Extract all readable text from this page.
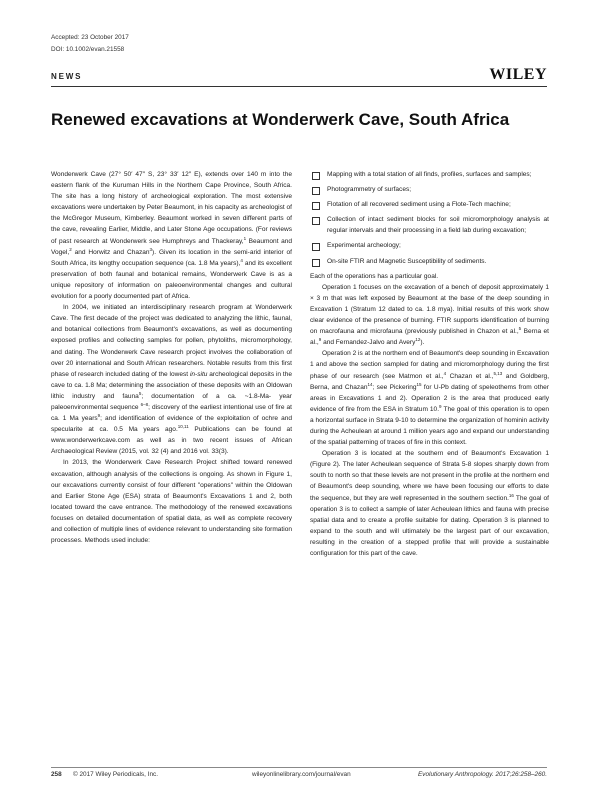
Accepted: 23 October 2017
DOI: 10.1002/evan.21558
NEWS	WILEY
Renewed excavations at Wonderwerk Cave, South Africa

Wonderwerk Cave (27° 50′ 47″ S, 23° 33′ 12″ E), extends over 140 m into the eastern flank of the Kuruman Hills in the Northern Cape Province, South Africa. The site has a long history of archeological exploration. The most extensive excavations were undertaken by Peter Beaumont, in his capacity as archeologist of the McGregor Museum, Kimberley. Beaumont worked in seven different parts of the cave, revealing Earlier, Middle, and Later Stone Age occupations. (For reviews of past research at Wonderwerk see Humphreys and Thackeray,$^1$ Beaumont and Vogel,$^2$ and Horwitz and Chazan$^3$). Given its location in the semi-arid interior of South Africa, its lengthy occupation sequence (ca. 1.8 Ma years),$^4$ and its excellent preservation of both faunal and botanical remains, Wonderwerk Cave is as a unique repository of information on paleoenvironmental changes and cultural evolution for a poorly documented part of Africa.

In 2004, we initiated an interdisciplinary research program at Wonderwerk Cave. The first decade of the project was dedicated to analyzing the lithic, faunal, and botanical collections from Beaumont's excavations, as well as documenting exposed profiles and collecting samples for pollen, phytoliths, micromorphology, and dating. The Wonderwerk Cave research project involves the collaboration of over 20 international and South African researchers. Notable results from this first phase of research included dating of the lowest in-situ archeological deposits in the cave to ca. 1.8 Ma; determining the association of these deposits with an Oldowan lithic industry and fauna$^5$; documentation of a ca. ~1.8-Ma- year paleoenvironmental sequence $^{6-8}$; discovery of the earliest intentional use of fire at ca. 1 Ma years$^9$; and identification of evidence of the exploitation of ochre and specularite at ca. 0.5 Ma years ago.$^{10,11}$ Publications can be found at www.wonderwerkcave.com as well as in two recent issues of African Archaeological Review (2015, vol. 32 (4) and 2016 vol. 33(3).

In 2013, the Wonderwerk Cave Research Project shifted toward renewed excavation, although analysis of the collections is ongoing. As shown in Figure 1, our excavations currently consist of four different "operations" within the Oldowan and Earlier Stone Age (ESA) strata of Beaumont's Excavations 1 and 2, both located toward the cave entrance. The methodology of the renewed excavations focuses on detailed documentation of spatial data, as well as complete recovery and collection of multiple lines of evidence relevant to understanding site formation processes. Methods used include:

Mapping with a total station of all finds, profiles, surfaces and samples;
Photogrammetry of surfaces;
Flotation of all recovered sediment using a Flote-Tech machine;
Collection of intact sediment blocks for soil micromorphology analysis at regular intervals and their processing in a field lab during excavation;
Experimental archeology;
On-site FTIR and Magnetic Susceptibility of sediments.

Each of the operations has a particular goal.

Operation 1 focuses on the excavation of a bench of deposit approximately 1 × 3 m that was left exposed by Beaumont at the base of the deep sounding in Excavation 1 (Stratum 12 dated to ca. 1.8 mya). Initial results of this work show clear evidence of the presence of burning. FTIR supports identification of burning on macrofauna and microfauna (previously published in Chazon et al.,$^5$ Berna et al.,$^9$ and Fernandez-Jalvo and Avery$^{12}$).

Operation 2 is at the northern end of Beaumont's deep sounding in Excavation 1 and above the section sampled for dating and micromorphology during the first phase of our research (see Matmon et al.,$^4$ Chazan et al.,$^{5,13}$ and Goldberg, Berna, and Chazan$^{14}$; see Pickering$^{15}$ for U-Pb dating of speleothems from other areas in Excavations 1 and 2). Operation 2 is the area that produced early evidence of fire from the ESA in Stratum 10.$^9$ The goal of this operation is to open a horizontal surface in Strata 9-10 to determine the organization of hominin activity during the Acheulean at around 1 million years ago and expand our understanding of the spatial patterning of traces of fire in this context.

Operation 3 is located at the southern end of Beaumont's Excavation 1 (Figure 2). The later Acheulean sequence of Strata 5-8 slopes sharply down from south to north so that these levels are not present in the profile at the northern end of Beaumont's deep sounding, where we have been focusing our efforts to date the sequence, but they are well represented in the southern section.$^{16}$ The goal of operation 3 is to collect a sample of later Acheulean lithics and fauna with precise spatial data and to create a profile suitable for dating. Operation 3 is planned to expand to the south and will ultimately be the largest part of our excavation, resulting in the creation of a stepped profile that will provide a sustainable configuration for this part of the cave.

258 © 2017 Wiley Periodicals, Inc.	wileyonlinelibrary.com/journal/evan	Evolutionary Anthropology. 2017;26:258–260.
